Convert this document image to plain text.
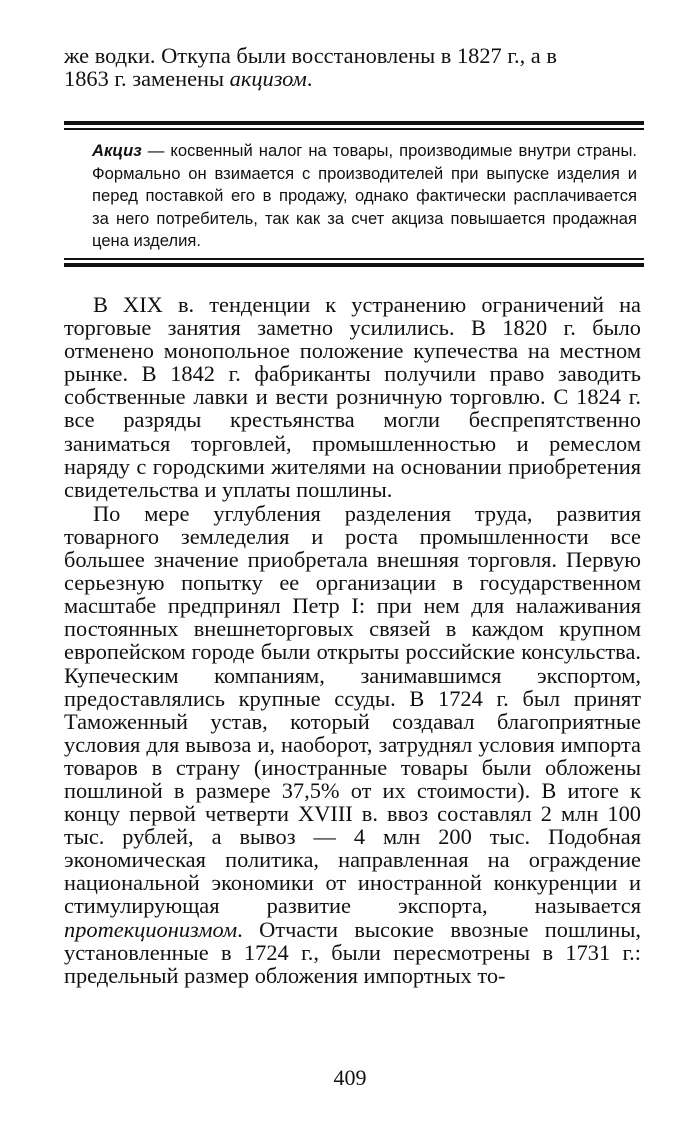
же водки. Откупа были восстановлены в 1827 г., а в
1863 г. заменены акцизом.
Акциз — косвенный налог на товары, производимые внутри страны. Формально он взимается с производителей при выпуске изделия и перед поставкой его в продажу, однако фактически расплачивается за него потребитель, так как за счет акциза повышается продажная цена изделия.

В XIX в. тенденции к устранению ограничений на торговые занятия заметно усилились. В 1820 г. было отменено монопольное положение купечества на местном рынке. В 1842 г. фабриканты получили право заводить собственные лавки и вести розничную торговлю. С 1824 г. все разряды крестьянства могли беспрепятственно заниматься торговлей, промышленностью и ремеслом наряду с городскими жителями на основании приобретения свидетельства и уплаты пошлины.

По мере углубления разделения труда, развития товарного земледелия и роста промышленности все большее значение приобретала внешняя торговля. Первую серьезную попытку ее организации в государственном масштабе предпринял Петр I: при нем для налаживания постоянных внешнеторговых связей в каждом крупном европейском городе были открыты российские консульства. Купеческим компаниям, занимавшимся экспортом, предоставлялись крупные ссуды. В 1724 г. был принят Таможенный устав, который создавал благоприятные условия для вывоза и, наоборот, затруднял условия импорта товаров в страну (иностранные товары были обложены пошлиной в размере 37,5% от их стоимости). В итоге к концу первой четверти XVIII в. ввоз составлял 2 млн 100 тыс. рублей, а вывоз — 4 млн 200 тыс. Подобная экономическая политика, направленная на ограждение национальной экономики от иностранной конкуренции и стимулирующая развитие экспорта, называется протекционизмом. Отчасти высокие ввозные пошлины, установленные в 1724 г., были пересмотрены в 1731 г.: предельный размер обложения импортных то-

409
